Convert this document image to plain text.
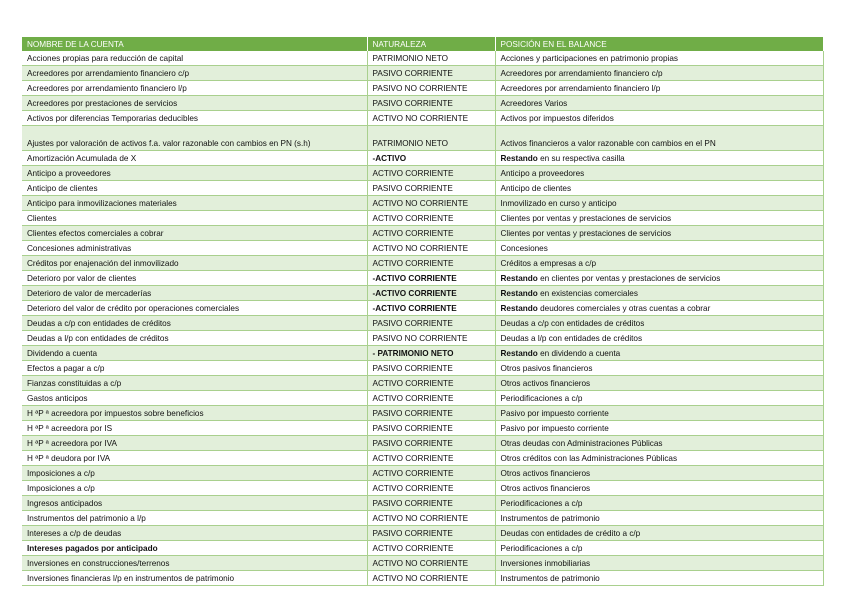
NOMBRE DE LA CUENTA	NATURALEZA	POSICIÓN EN EL BALANCE
Acciones propias para reducción de capital	PATRIMONIO NETO	Acciones y participaciones en patrimonio propias
Acreedores por arrendamiento financiero c/p	PASIVO CORRIENTE	Acreedores por arrendamiento financiero c/p
Acreedores por arrendamiento financiero l/p	PASIVO NO CORRIENTE	Acreedores por arrendamiento financiero l/p
Acreedores por prestaciones de servicios	PASIVO CORRIENTE	Acreedores Varios
Activos por diferencias Temporarias deducibles	ACTIVO NO CORRIENTE	Activos por impuestos diferidos
Ajustes por valoración de activos f.a. valor razonable con cambios en PN (s.h)	PATRIMONIO NETO	Activos financieros a valor razonable con cambios en el PN
Amortización Acumulada de X	-ACTIVO	Restando en su respectiva casilla
Anticipo a proveedores	ACTIVO CORRIENTE	Anticipo a proveedores
Anticipo de clientes	PASIVO CORRIENTE	Anticipo de clientes
Anticipo para inmovilizaciones materiales	ACTIVO NO CORRIENTE	Inmovilizado en curso y anticipo
Clientes	ACTIVO CORRIENTE	Clientes por ventas y prestaciones de servicios
Clientes efectos comerciales a cobrar	ACTIVO CORRIENTE	Clientes por ventas y prestaciones de servicios
Concesiones administrativas	ACTIVO NO CORRIENTE	Concesiones
Créditos por enajenación del inmovilizado	ACTIVO CORRIENTE	Créditos a empresas a c/p
Deterioro por valor de clientes	-ACTIVO CORRIENTE	Restando en clientes por ventas y prestaciones de servicios
Deterioro de valor de mercaderías	-ACTIVO CORRIENTE	Restando en existencias comerciales
Deterioro del valor de crédito por operaciones comerciales	-ACTIVO CORRIENTE	Restando deudores comerciales y otras cuentas a cobrar
Deudas a c/p con entidades de créditos	PASIVO CORRIENTE	Deudas a c/p con entidades de créditos
Deudas a l/p con entidades de créditos	PASIVO NO CORRIENTE	Deudas a l/p con entidades de créditos
Dividendo a cuenta	- PATRIMONIO NETO	Restando en dividendo a cuenta
Efectos a pagar a c/p	PASIVO CORRIENTE	Otros pasivos financieros
Fianzas constituidas a c/p	ACTIVO CORRIENTE	Otros activos financieros
Gastos anticipos	ACTIVO CORRIENTE	Periodificaciones a c/p
H ªP ª acreedora por impuestos sobre beneficios	PASIVO CORRIENTE	Pasivo por impuesto corriente
H ªP ª acreedora por IS	PASIVO CORRIENTE	Pasivo por impuesto corriente
H ªP ª acreedora por IVA	PASIVO CORRIENTE	Otras deudas con Administraciones Públicas
H ªP ª deudora por IVA	ACTIVO CORRIENTE	Otros créditos con las Administraciones Públicas
Imposiciones a c/p	ACTIVO CORRIENTE	Otros activos financieros
Imposiciones a c/p	ACTIVO CORRIENTE	Otros activos financieros
Ingresos anticipados	PASIVO CORRIENTE	Periodificaciones a c/p
Instrumentos del patrimonio a l/p	ACTIVO NO CORRIENTE	Instrumentos de patrimonio
Intereses a c/p de deudas	PASIVO CORRIENTE	Deudas con entidades de crédito a c/p
Intereses pagados por anticipado	ACTIVO CORRIENTE	Periodificaciones a c/p
Inversiones en construcciones/terrenos	ACTIVO NO CORRIENTE	Inversiones inmobiliarias
Inversiones financieras l/p en instrumentos de patrimonio	ACTIVO NO CORRIENTE	Instrumentos de patrimonio
